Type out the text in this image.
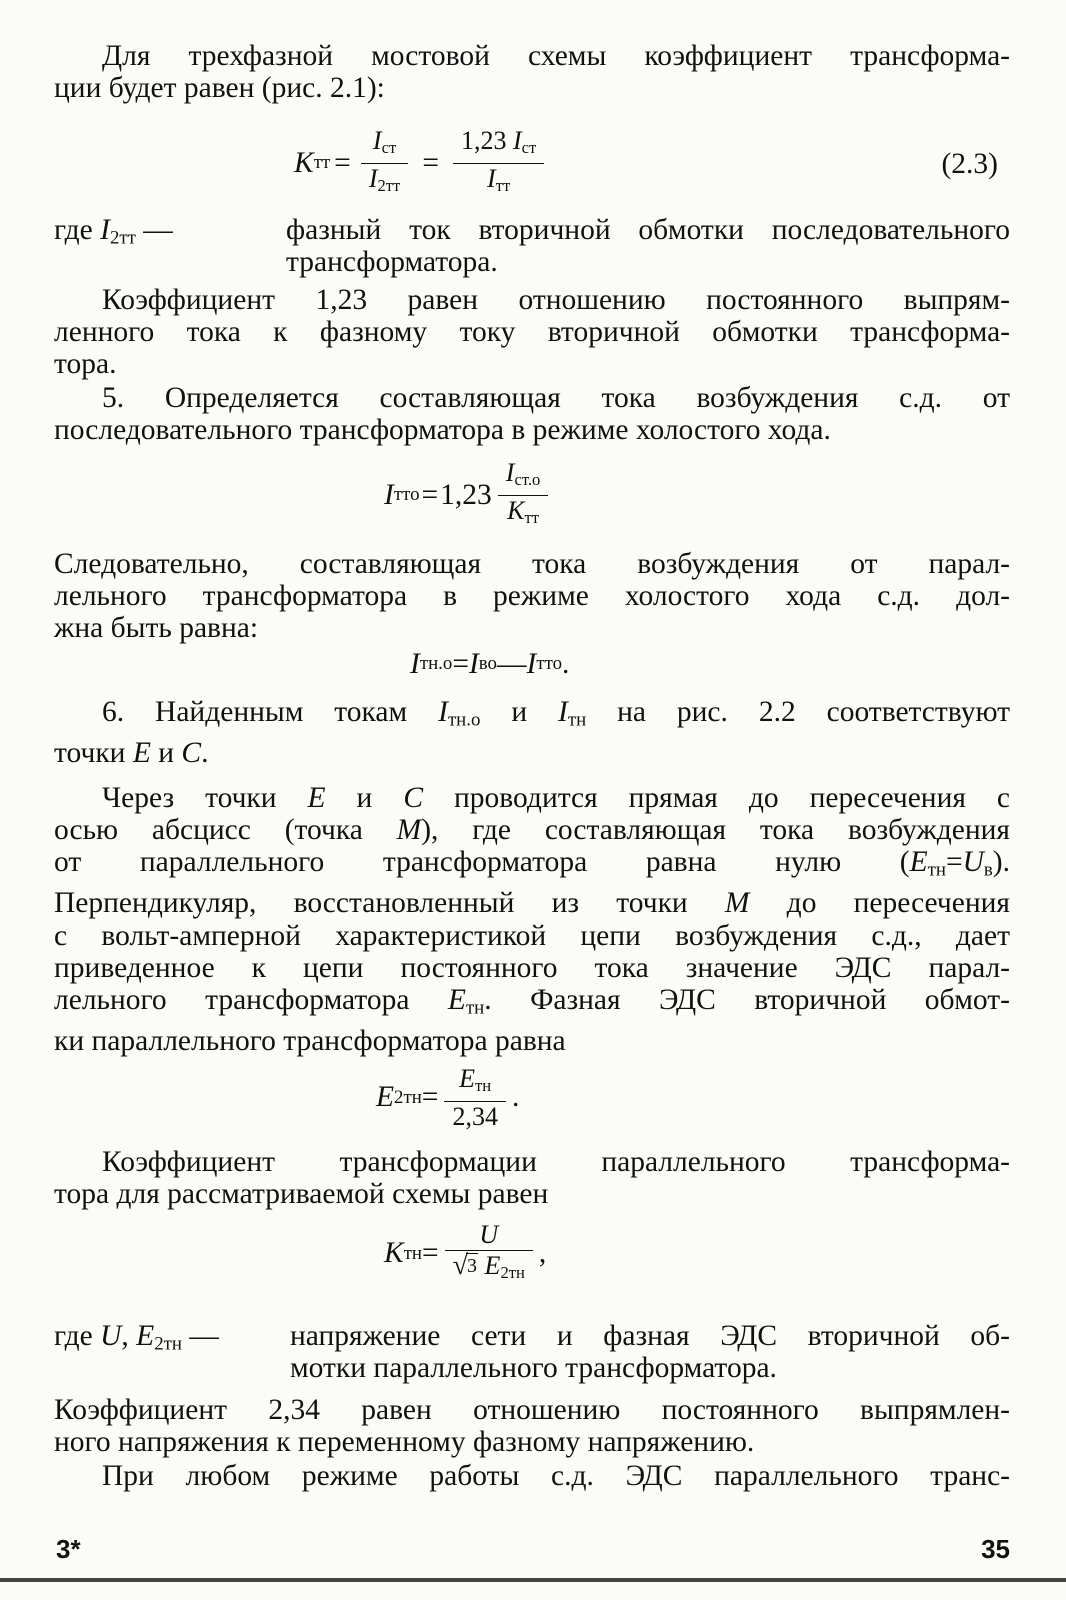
Для трехфазной мостовой схемы коэффициент трансформа-
ции будет равен (рис. 2.1):

K тт = $\frac{I_{ст}}{I_{2тт}} = \frac{1,23 I_{ст}}{I_{тт}}$	(2.3)
где $I_{2тт}$ —	фазный ток вторичной обмотки последовательного
трансформатора.

Коэффициент 1,23 равен отношению постоянного выпрям-
ленного тока к фазному току вторичной обмотки трансформа-
тора.

5. Определяется составляющая тока возбуждения с.д. от
последовательного трансформатора в режиме холостого хода.

I тто = $1,23 \frac{I_{ст.о}}{K_{тт}}$

Следовательно, составляющая тока возбуждения от парал-
лельного трансформатора в режиме холостого хода с.д. дол-
жна быть равна:

I тн.о = I во — I тто .

6. Найденным токам $I_{тн.о}$ и $I_{тн}$ на рис. 2.2 соответствуют
точки E и C.

Через точки E и C проводится прямая до пересечения с
осью абсцисс (точка M), где составляющая тока возбуждения
от параллельного трансформатора равна нулю $(E_{тн}=U_в)$.
Перпендикуляр, восстановленный из точки M до пересечения
с вольт-амперной характеристикой цепи возбуждения с.д., дает
приведенное к цепи постоянного тока значение ЭДС парал-
лельного трансформатора $E_{тн}$. Фазная ЭДС вторичной обмот-
ки параллельного трансформатора равна

E $2тн = \frac{E_{тн}}{2,34}$ .

Коэффициент трансформации параллельного трансформа-
тора для рассматриваемой схемы равен

K тн = $\frac{U}{√ 3 E_{2тн}}$ ,
где U, $E_{2тн}$ — напряжение сети и фазная ЭДС вторичной об-
мотки параллельного трансформатора.

Коэффициент 2,34 равен отношению постоянного выпрямлен-
ного напряжения к переменному фазному напряжению.

При любом режиме работы с.д. ЭДС параллельного транс-

3*	35
